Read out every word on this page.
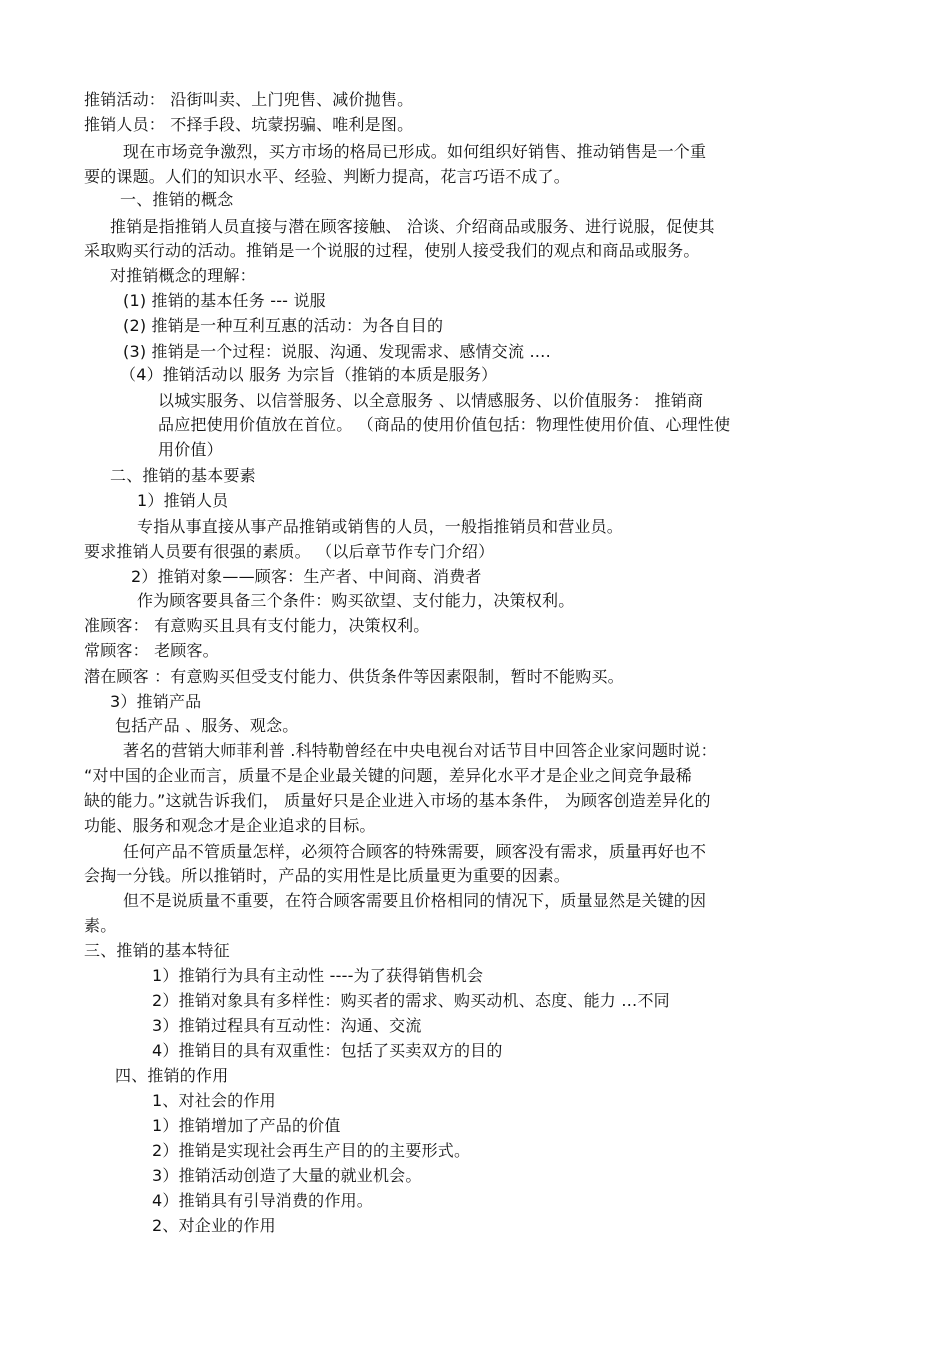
推销活动： 沿街叫卖、上门兜售、减价抛售。
推销人员： 不择手段、坑蒙拐骗、唯利是图。
现在市场竞争激烈，买方市场的格局已形成。如何组织好销售、推动销售是一个重
要的课题。人们的知识水平、经验、判断力提高，花言巧语不成了。
一、推销的概念
推销是指推销人员直接与潜在顾客接触、 洽谈、介绍商品或服务、进行说服，促使其
采取购买行动的活动。推销是一个说服的过程，使别人接受我们的观点和商品或服务。
对推销概念的理解：
(1) 推销的基本任务 --- 说服
(2) 推销是一种互利互惠的活动：为各自目的
(3) 推销是一个过程：说服、沟通、发现需求、感情交流 ….
（4）推销活动以 服务 为宗旨（推销的本质是服务）
以城实服务、以信誉服务、以全意服务 、以情感服务、以价值服务： 推销商
品应把使用价值放在首位。 （商品的使用价值包括：物理性使用价值、心理性使
用价值）
二、推销的基本要素
1）推销人员
专指从事直接从事产品推销或销售的人员，一般指推销员和营业员。
要求推销人员要有很强的素质。 （以后章节作专门介绍）
2）推销对象——顾客：生产者、中间商、消费者
作为顾客要具备三个条件：购买欲望、支付能力，决策权利。
准顾客： 有意购买且具有支付能力，决策权利。
常顾客： 老顾客。
潜在顾客 ：有意购买但受支付能力、供货条件等因素限制，暂时不能购买。
3）推销产品
包括产品 、服务、观念。
著名的营销大师菲利普 .科特勒曾经在中央电视台对话节目中回答企业家问题时说：
“对中国的企业而言，质量不是企业最关键的问题，差异化水平才是企业之间竞争最稀
缺的能力。”这就告诉我们， 质量好只是企业进入市场的基本条件， 为顾客创造差异化的
功能、服务和观念才是企业追求的目标。
任何产品不管质量怎样，必须符合顾客的特殊需要，顾客没有需求，质量再好也不
会掏一分钱。所以推销时，产品的实用性是比质量更为重要的因素。
但不是说质量不重要，在符合顾客需要且价格相同的情况下，质量显然是关键的因
素。
三、推销的基本特征
1）推销行为具有主动性 ----为了获得销售机会
2）推销对象具有多样性：购买者的需求、购买动机、态度、能力 …不同
3）推销过程具有互动性：沟通、交流
4）推销目的具有双重性：包括了买卖双方的目的
四、推销的作用
1、对社会的作用
1）推销增加了产品的价值
2）推销是实现社会再生产目的的主要形式。
3）推销活动创造了大量的就业机会。
4）推销具有引导消费的作用。
2、对企业的作用
